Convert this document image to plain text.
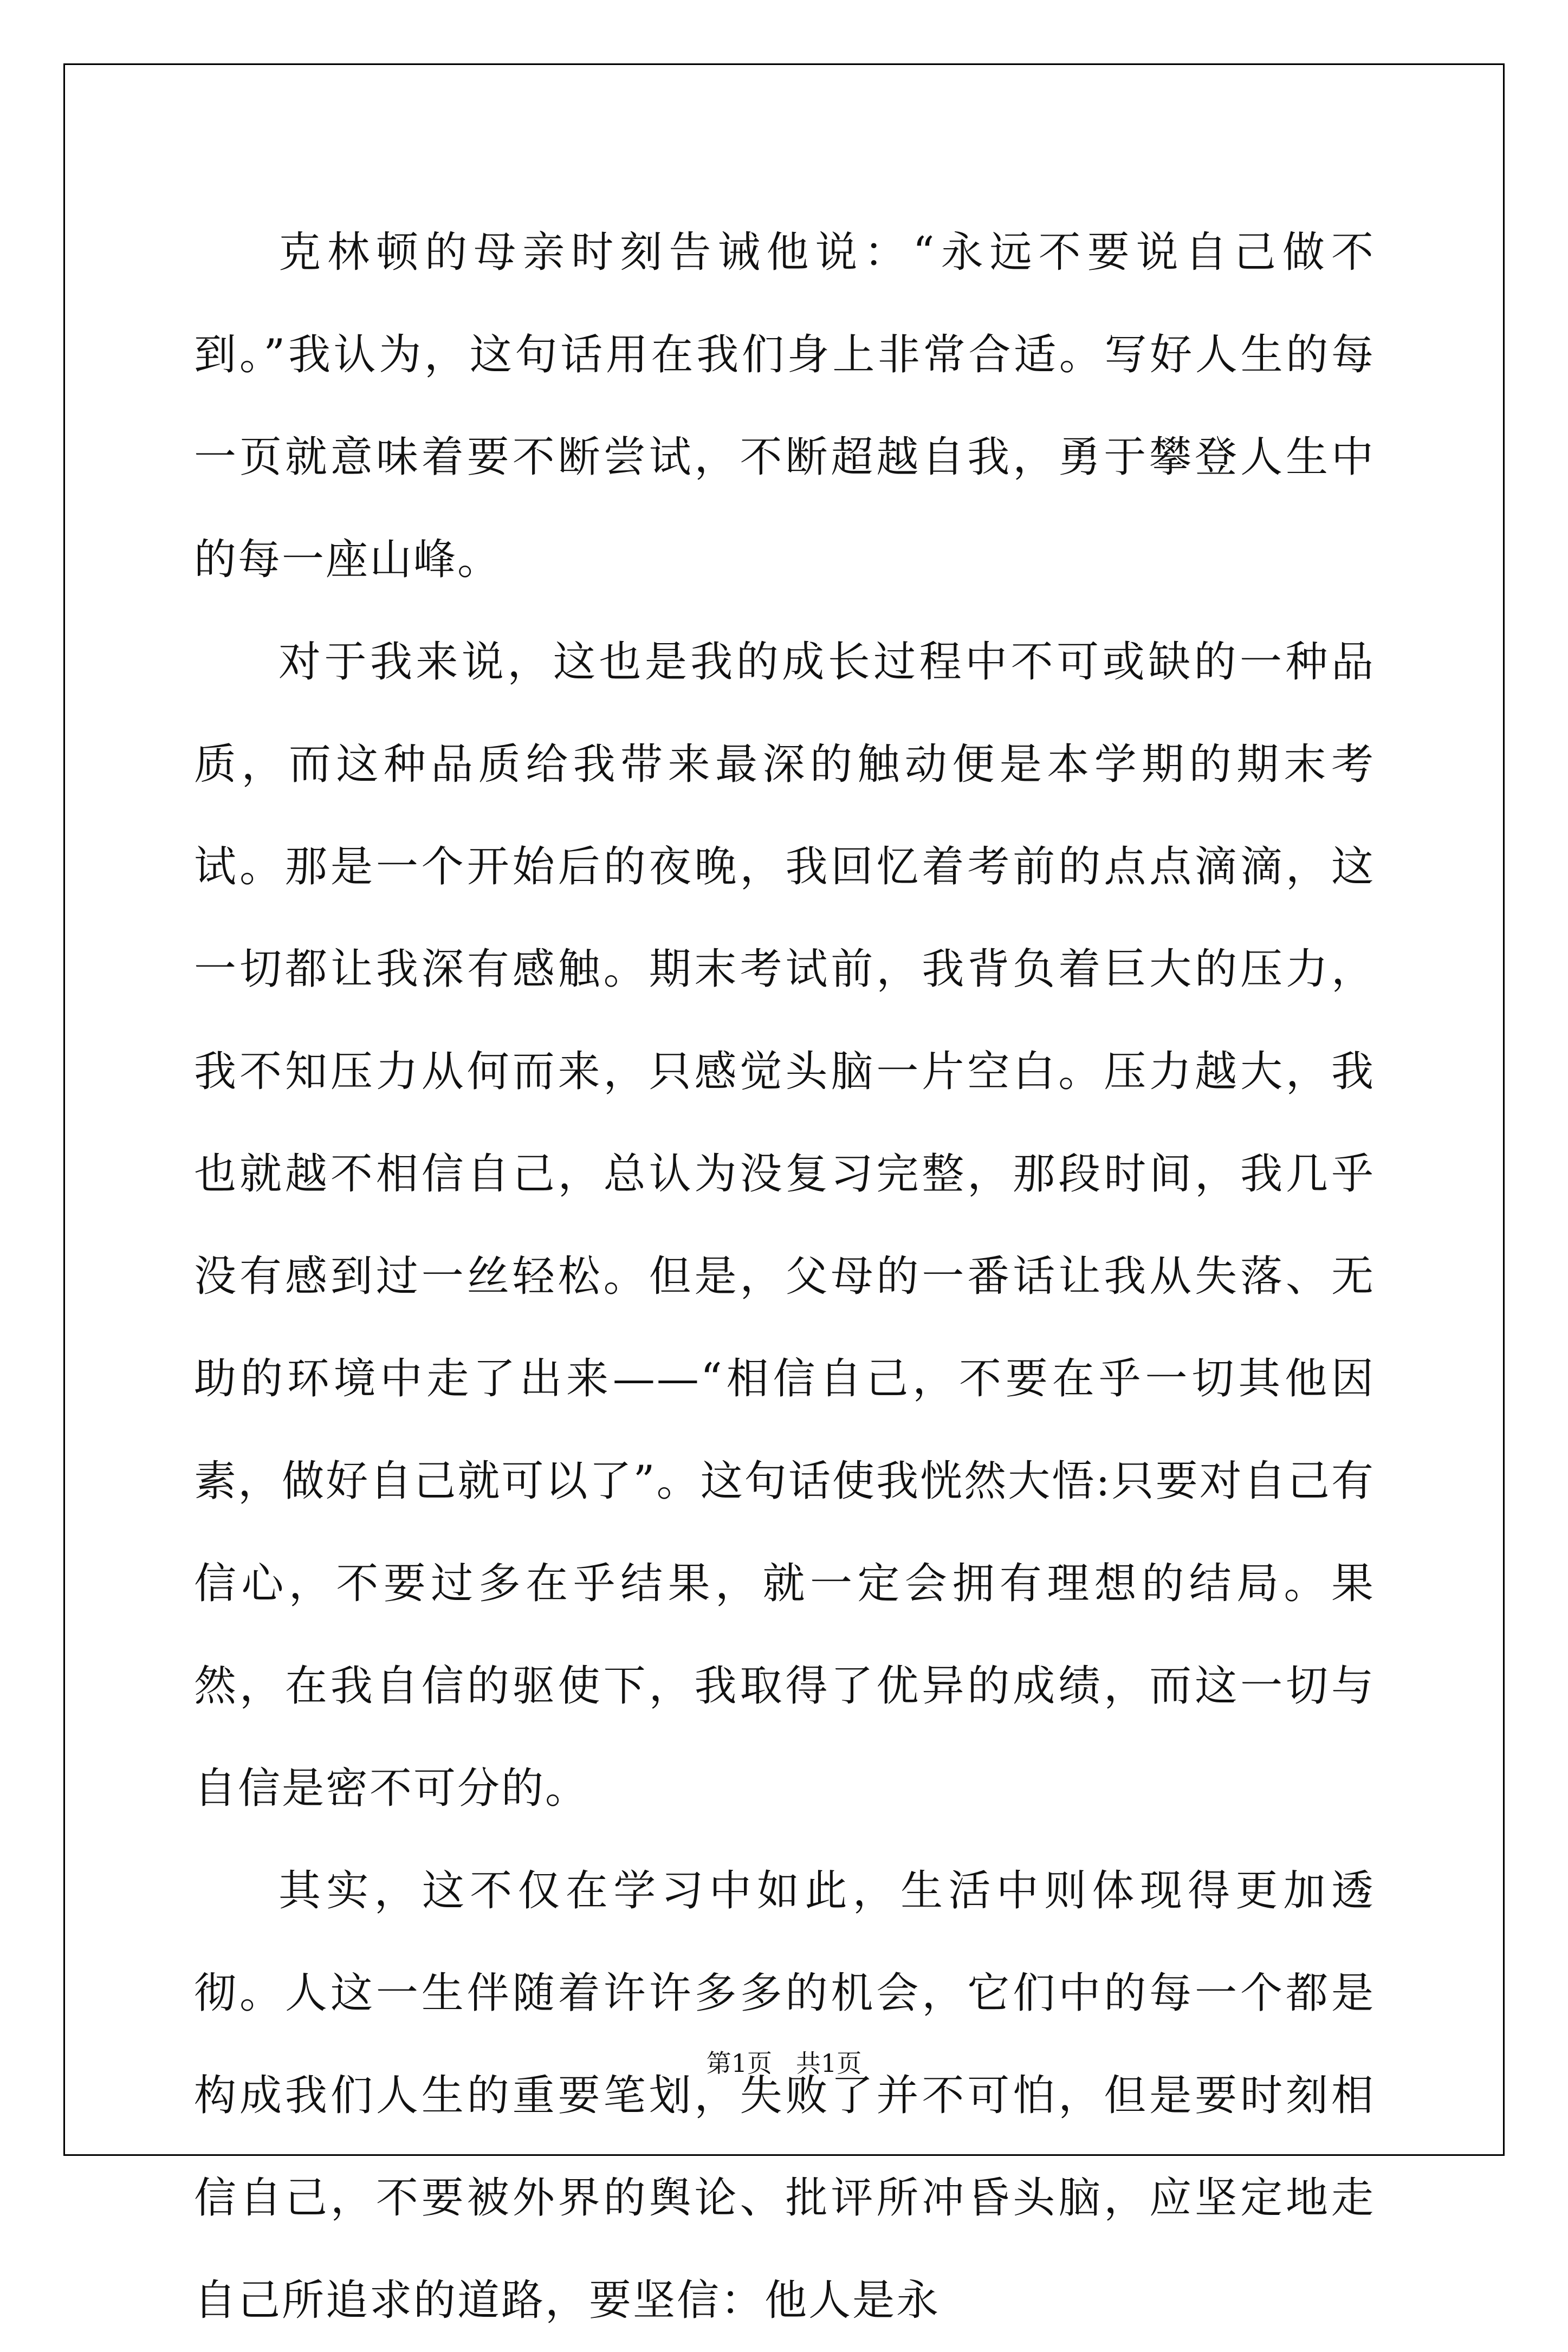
克林顿的母亲时刻告诫他说：“永远不要说自己做不到。”我认为，这句话用在我们身上非常合适。写好人生的每一页就意味着要不断尝试，不断超越自我，勇于攀登人生中的每一座山峰。

对于我来说，这也是我的成长过程中不可或缺的一种品质，而这种品质给我带来最深的触动便是本学期的期末考试。那是一个开始后的夜晚，我回忆着考前的点点滴滴，这一切都让我深有感触。期末考试前，我背负着巨大的压力，我不知压力从何而来，只感觉头脑一片空白。压力越大，我也就越不相信自己，总认为没复习完整，那段时间，我几乎没有感到过一丝轻松。但是，父母的一番话让我从失落、无助的环境中走了出来——“相信自己，不要在乎一切其他因素，做好自己就可以了”。这句话使我恍然大悟:只要对自己有信心，不要过多在乎结果，就一定会拥有理想的结局。果然，在我自信的驱使下，我取得了优异的成绩，而这一切与自信是密不可分的。

其实，这不仅在学习中如此，生活中则体现得更加透彻。人这一生伴随着许许多多的机会，它们中的每一个都是构成我们人生的重要笔划，失败了并不可怕，但是要时刻相信自己，不要被外界的舆论、批评所冲昏头脑，应坚定地走自己所追求的道路，要坚信：他人是永

第1页 共1页
